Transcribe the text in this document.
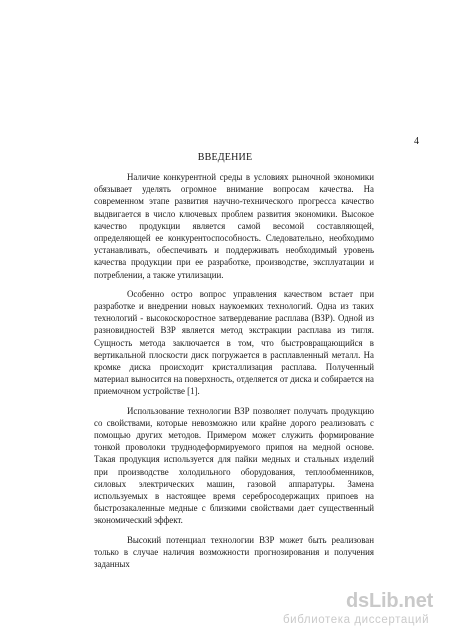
4
ВВЕДЕНИЕ

Наличие конкурентной среды в условиях рыночной экономики обязывает уделять огромное внимание вопросам качества. На современном этапе развития научно-технического прогресса качество выдвигается в число ключевых проблем развития экономики. Высокое качество продукции является самой весомой составляющей, определяющей ее конкурентоспособность. Следовательно, необходимо устанавливать, обеспечивать и поддерживать необходимый уровень качества продукции при ее разработке, производстве, эксплуатации и потреблении, а также утилизации.

Особенно остро вопрос управления качеством встает при разработке и внедрении новых наукоемких технологий. Одна из таких технологий - высокоскоростное затвердевание расплава (ВЗР). Одной из разновидностей ВЗР является метод экстракции расплава из тигля. Сущность метода заключается в том, что быстровращающийся в вертикальной плоскости диск погружается в расплавленный металл. На кромке диска происходит кристаллизация расплава. Полученный материал выносится на поверхность, отделяется от диска и собирается на приемочном устройстве [1].

Использование технологии ВЗР позволяет получать продукцию со свойствами, которые невозможно или крайне дорого реализовать с помощью других методов. Примером может служить формирование тонкой проволоки труднодеформируемого припоя на медной основе. Такая продукция используется для пайки медных и стальных изделий при производстве холодильного оборудования, теплообменников, силовых электрических машин, газовой аппаратуры. Замена используемых в настоящее время серебросодержащих припоев на быстрозакаленные медные с близкими свойствами дает существенный экономический эффект.

Высокий потенциал технологии ВЗР может быть реализован только в случае наличия возможности прогнозирования и получения заданных

dsLib.net
библиотека диссертаций
